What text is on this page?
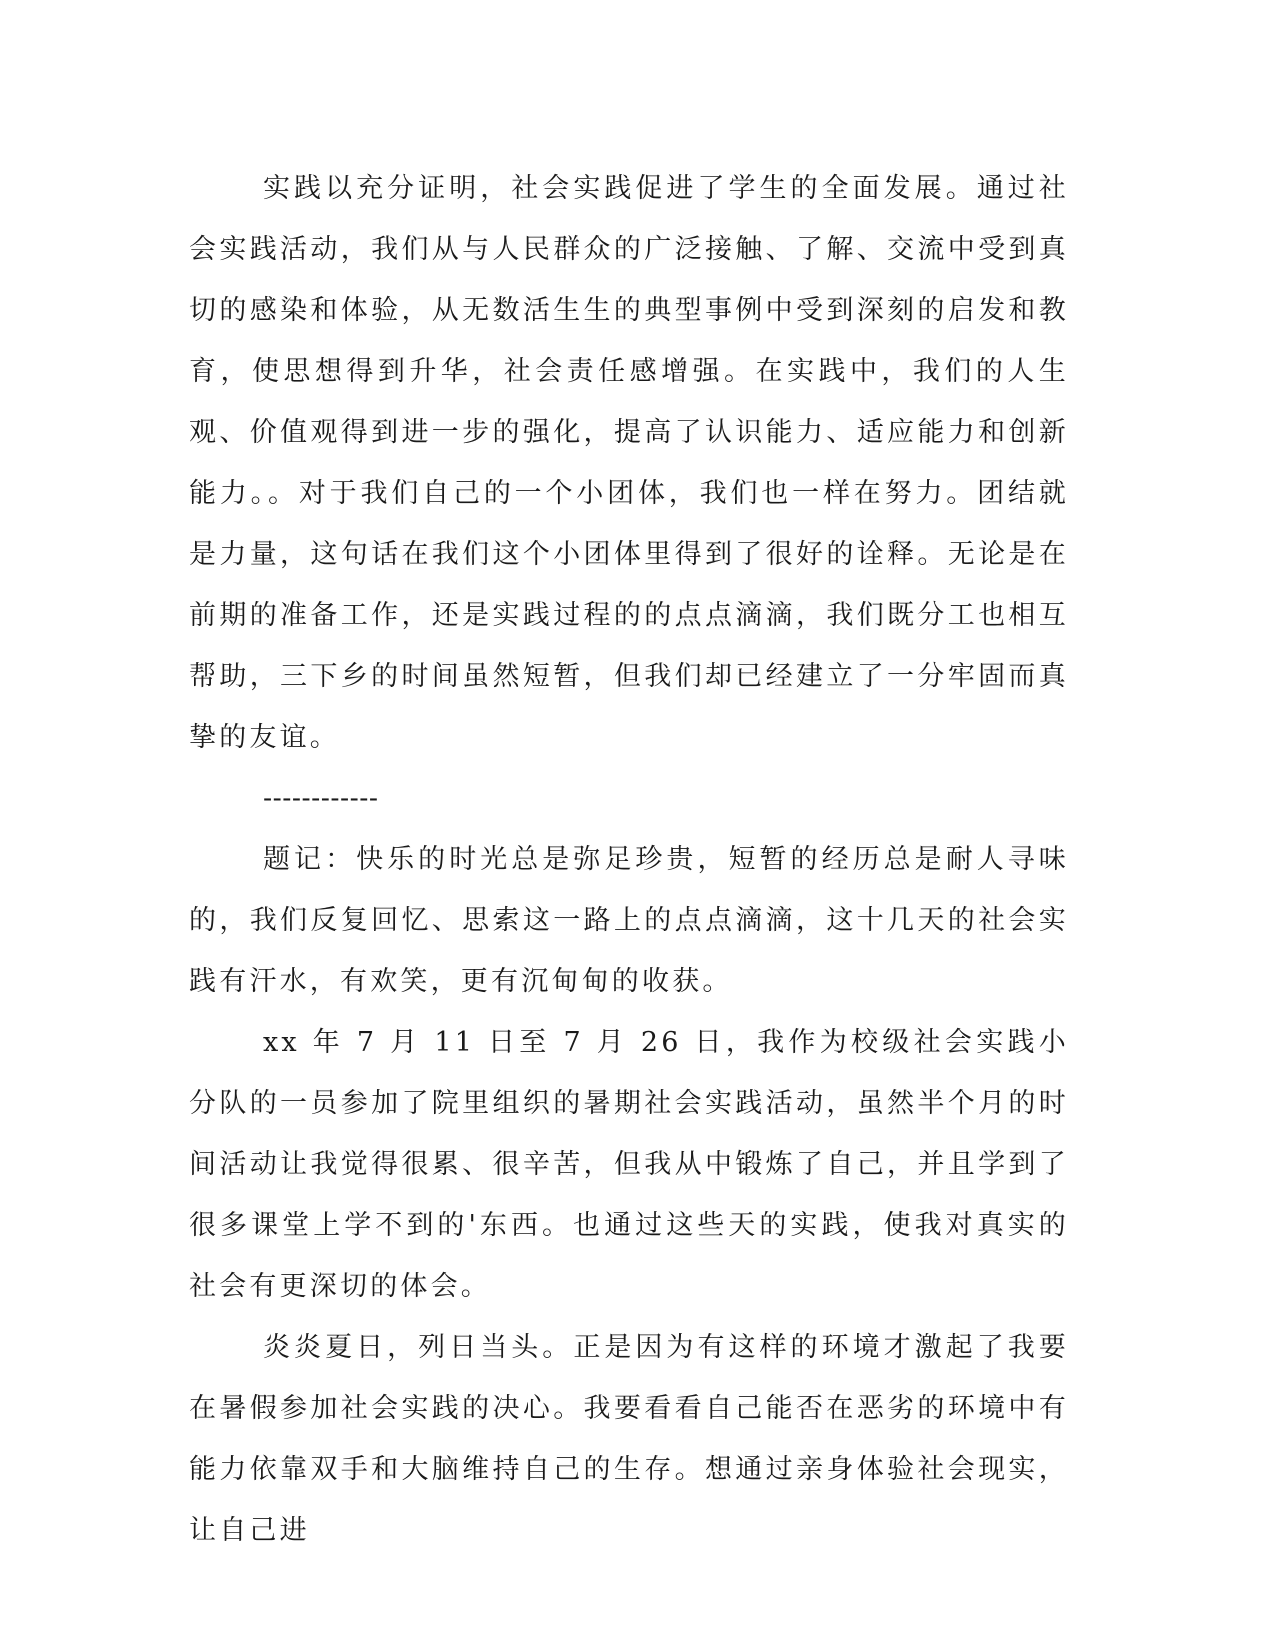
实践以充分证明，社会实践促进了学生的全面发展。通过社会实践活动，我们从与人民群众的广泛接触、了解、交流中受到真切的感染和体验，从无数活生生的典型事例中受到深刻的启发和教育，使思想得到升华，社会责任感增强。在实践中，我们的人生观、价值观得到进一步的强化，提高了认识能力、适应能力和创新能力。。对于我们自己的一个小团体，我们也一样在努力。团结就是力量，这句话在我们这个小团体里得到了很好的诠释。无论是在前期的准备工作，还是实践过程的的点点滴滴，我们既分工也相互帮助，三下乡的时间虽然短暂，但我们却已经建立了一分牢固而真挚的友谊。

------------

题记：快乐的时光总是弥足珍贵，短暂的经历总是耐人寻味的，我们反复回忆、思索这一路上的点点滴滴，这十几天的社会实践有汗水，有欢笑，更有沉甸甸的收获。

xx 年 7 月 11 日至 7 月 26 日，我作为校级社会实践小分队的一员参加了院里组织的暑期社会实践活动，虽然半个月的时间活动让我觉得很累、很辛苦，但我从中锻炼了自己，并且学到了很多课堂上学不到的'东西。也通过这些天的实践，使我对真实的社会有更深切的体会。

炎炎夏日，列日当头。正是因为有这样的环境才激起了我要在暑假参加社会实践的决心。我要看看自己能否在恶劣的环境中有能力依靠双手和大脑维持自己的生存。想通过亲身体验社会现实，让自己进
